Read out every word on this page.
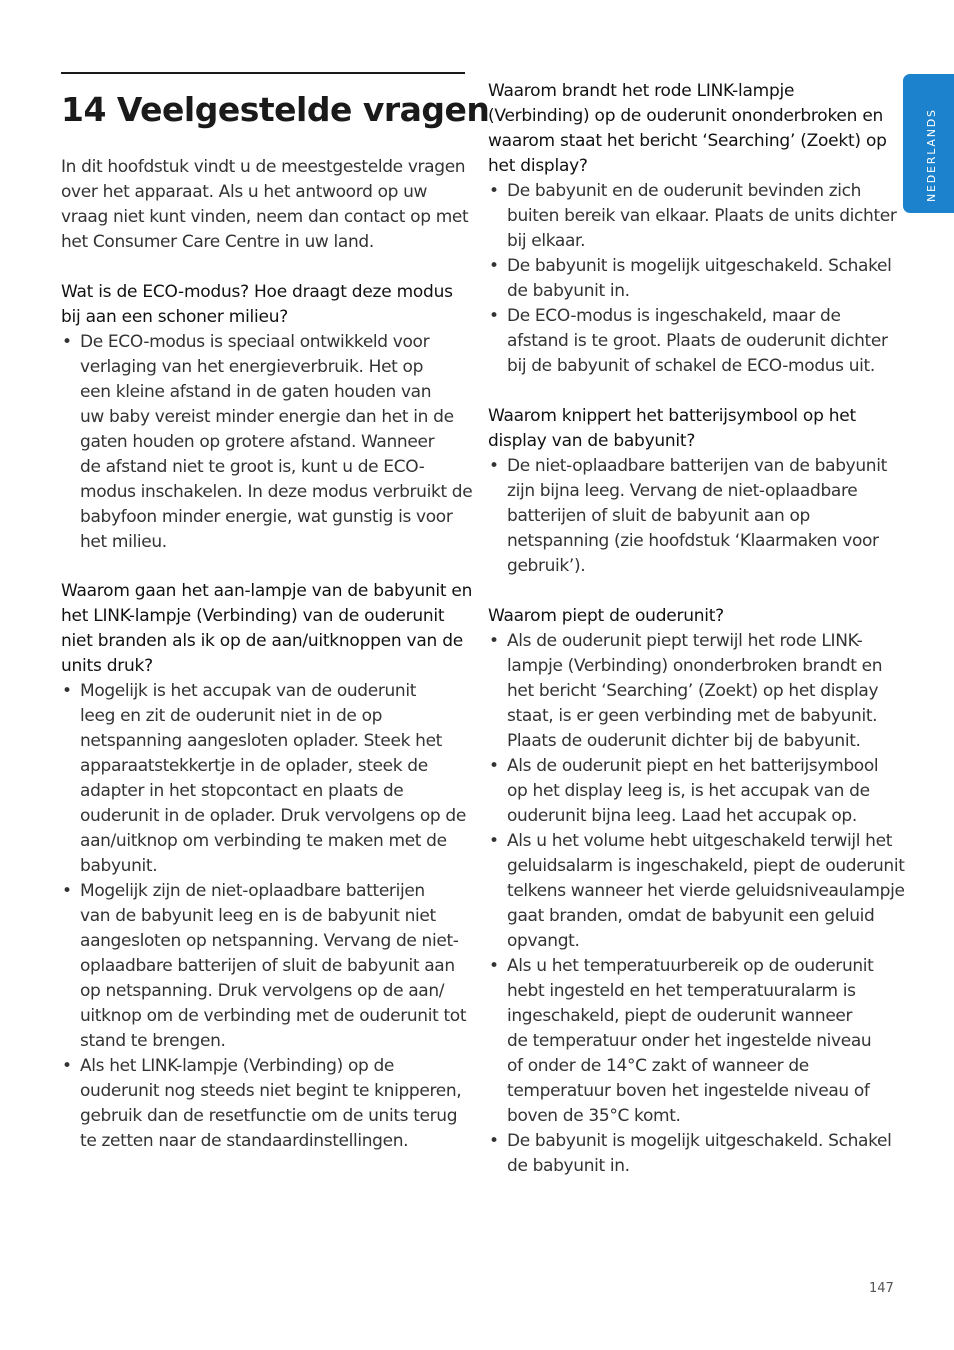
14 Veelgestelde vragen
In dit hoofdstuk vindt u de meestgestelde vragen
over het apparaat. Als u het antwoord op uw
vraag niet kunt vinden, neem dan contact op met
het Consumer Care Centre in uw land.
Wat is de ECO-modus? Hoe draagt deze modus
bij aan een schoner milieu?
• De ECO-modus is speciaal ontwikkeld voor
verlaging van het energieverbruik. Het op
een kleine afstand in de gaten houden van
uw baby vereist minder energie dan het in de
gaten houden op grotere afstand. Wanneer
de afstand niet te groot is, kunt u de ECO-
modus inschakelen. In deze modus verbruikt de
babyfoon minder energie, wat gunstig is voor
het milieu.
Waarom gaan het aan-lampje van de babyunit en
het LINK-lampje (Verbinding) van de ouderunit
niet branden als ik op de aan/uitknoppen van de
units druk?
• Mogelijk is het accupak van de ouderunit
leeg en zit de ouderunit niet in de op
netspanning aangesloten oplader. Steek het
apparaatstekkertje in de oplader, steek de
adapter in het stopcontact en plaats de
ouderunit in de oplader. Druk vervolgens op de
aan/uitknop om verbinding te maken met de
babyunit.
• Mogelijk zijn de niet-oplaadbare batterijen
van de babyunit leeg en is de babyunit niet
aangesloten op netspanning. Vervang de niet-
oplaadbare batterijen of sluit de babyunit aan
op netspanning. Druk vervolgens op de aan/
uitknop om de verbinding met de ouderunit tot
stand te brengen.
• Als het LINK-lampje (Verbinding) op de
ouderunit nog steeds niet begint te knipperen,
gebruik dan de resetfunctie om de units terug
te zetten naar de standaardinstellingen.
Waarom brandt het rode LINK-lampje
(Verbinding) op de ouderunit ononderbroken en
waarom staat het bericht ‘Searching’ (Zoekt) op
het display?
• De babyunit en de ouderunit bevinden zich
buiten bereik van elkaar. Plaats de units dichter
bij elkaar.
• De babyunit is mogelijk uitgeschakeld. Schakel
de babyunit in.
• De ECO-modus is ingeschakeld, maar de
afstand is te groot. Plaats de ouderunit dichter
bij de babyunit of schakel de ECO-modus uit.
Waarom knippert het batterijsymbool op het
display van de babyunit?
• De niet-oplaadbare batterijen van de babyunit
zijn bijna leeg. Vervang de niet-oplaadbare
batterijen of sluit de babyunit aan op
netspanning (zie hoofdstuk ‘Klaarmaken voor
gebruik’).
Waarom piept de ouderunit?
• Als de ouderunit piept terwijl het rode LINK-
lampje (Verbinding) ononderbroken brandt en
het bericht ‘Searching’ (Zoekt) op het display
staat, is er geen verbinding met de babyunit.
Plaats de ouderunit dichter bij de babyunit.
• Als de ouderunit piept en het batterijsymbool
op het display leeg is, is het accupak van de
ouderunit bijna leeg. Laad het accupak op.
• Als u het volume hebt uitgeschakeld terwijl het
geluidsalarm is ingeschakeld, piept de ouderunit
telkens wanneer het vierde geluidsniveaulampje
gaat branden, omdat de babyunit een geluid
opvangt.
• Als u het temperatuurbereik op de ouderunit
hebt ingesteld en het temperatuuralarm is
ingeschakeld, piept de ouderunit wanneer
de temperatuur onder het ingestelde niveau
of onder de 14°C zakt of wanneer de
temperatuur boven het ingestelde niveau of
boven de 35°C komt.
• De babyunit is mogelijk uitgeschakeld. Schakel
de babyunit in.
NEDERLANDS
147
